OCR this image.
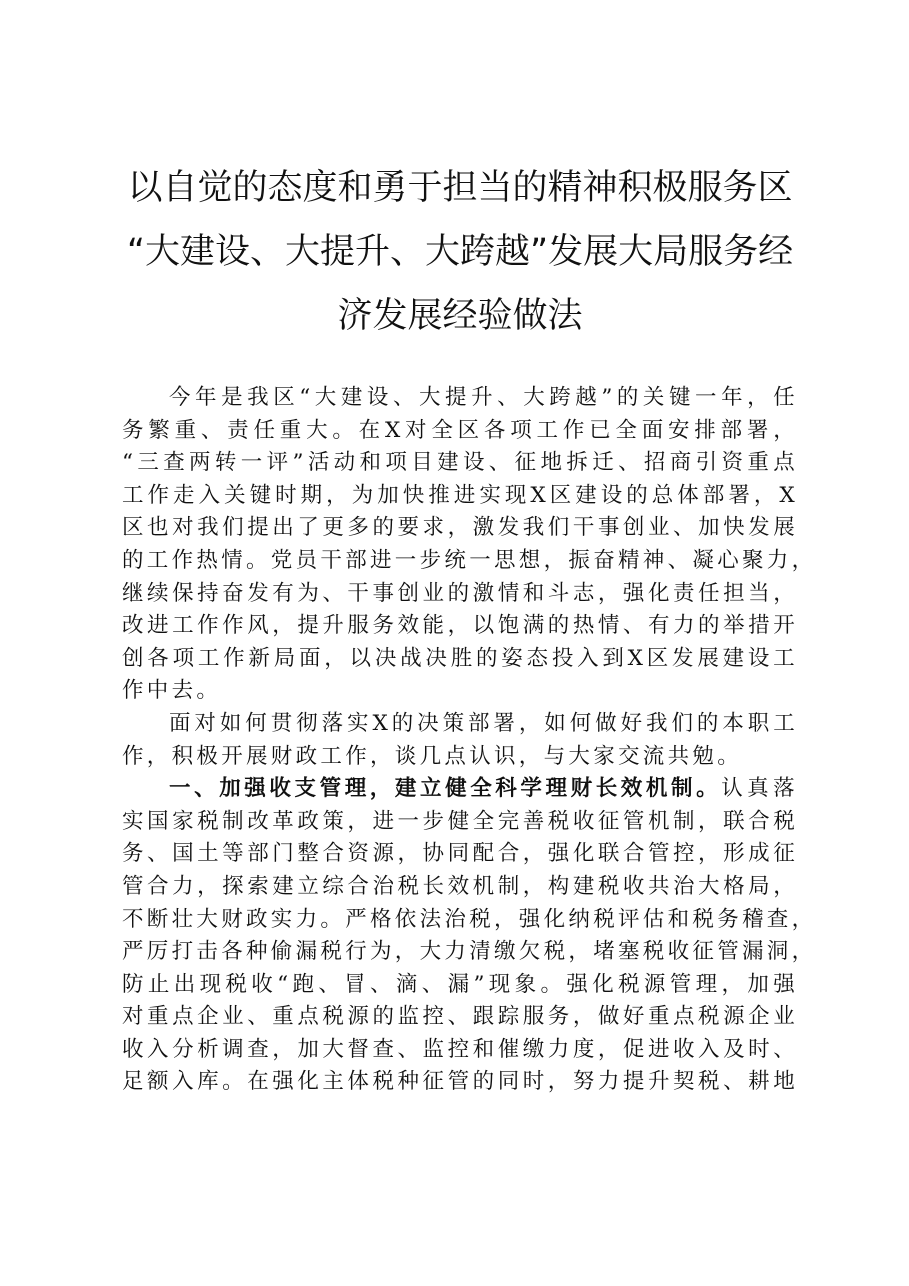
以自觉的态度和勇于担当的精神积极服务区
“大建设、大提升、大跨越”发展大局服务经
济发展经验做法

今年是我区“大建设、大提升、大跨越”的关键一年，任
务繁重、责任重大。在X对全区各项工作已全面安排部署，
“三查两转一评”活动和项目建设、征地拆迁、招商引资重点
工作走入关键时期，为加快推进实现X区建设的总体部署，X
区也对我们提出了更多的要求，激发我们干事创业、加快发展
的工作热情。党员干部进一步统一思想，振奋精神、凝心聚力，
继续保持奋发有为、干事创业的激情和斗志，强化责任担当，
改进工作作风，提升服务效能，以饱满的热情、有力的举措开
创各项工作新局面，以决战决胜的姿态投入到X区发展建设工
作中去。

面对如何贯彻落实X的决策部署，如何做好我们的本职工
作，积极开展财政工作，谈几点认识，与大家交流共勉。

一、加强收支管理，建立健全科学理财长效机制。认真落
实国家税制改革政策，进一步健全完善税收征管机制，联合税
务、国土等部门整合资源，协同配合，强化联合管控，形成征
管合力，探索建立综合治税长效机制，构建税收共治大格局，
不断壮大财政实力。严格依法治税，强化纳税评估和税务稽查，
严厉打击各种偷漏税行为，大力清缴欠税，堵塞税收征管漏洞，
防止出现税收“跑、冒、滴、漏”现象。强化税源管理，加强
对重点企业、重点税源的监控、跟踪服务，做好重点税源企业
收入分析调查，加大督查、监控和催缴力度，促进收入及时、
足额入库。在强化主体税种征管的同时，努力提升契税、耕地
